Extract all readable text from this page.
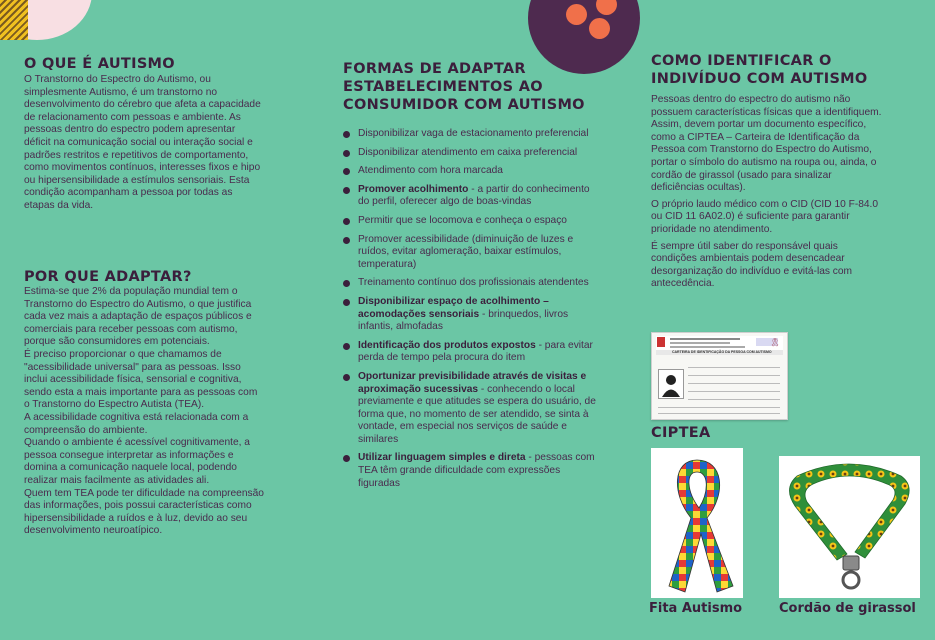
O QUE É AUTISMO

O Transtorno do Espectro do Autismo, ou simplesmente Autismo, é um transtorno no desenvolvimento do cérebro que afeta a capacidade de relacionamento com pessoas e ambiente. As pessoas dentro do espectro podem apresentar déficit na comunicação social ou interação social e padrões restritos e repetitivos de comportamento, como movimentos contínuos, interesses fixos e hipo ou hipersensibilidade a estímulos sensoriais. Esta condição acompanham a pessoa por todas as etapas da vida.

POR QUE ADAPTAR?

Estima-se que 2% da população mundial tem o Transtorno do Espectro do Autismo, o que justifica cada vez mais a adaptação de espaços públicos e comerciais para receber pessoas com autismo, porque são consumidores em potenciais.

É preciso proporcionar o que chamamos de "acessibilidade universal" para as pessoas. Isso inclui acessibilidade física, sensorial e cognitiva, sendo esta a mais importante para as pessoas com o Transtorno do Espectro Autista (TEA).

A acessibilidade cognitiva está relacionada com a compreensão do ambiente.

Quando o ambiente é acessível cognitivamente, a pessoa consegue interpretar as informações e domina a comunicação naquele local, podendo realizar mais facilmente as atividades ali.

Quem tem TEA pode ter dificuldade na compreensão das informações, pois possui características como hipersensibilidade a ruídos e à luz, devido ao seu desenvolvimento neuroatípico.

FORMAS DE ADAPTAR ESTABELECIMENTOS AO CONSUMIDOR COM AUTISMO
Disponibilizar vaga de estacionamento preferencial
Disponibilizar atendimento em caixa preferencial
Atendimento com hora marcada
Promover acolhimento - a partir do conhecimento do perfil, oferecer algo de boas-vindas
Permitir que se locomova e conheça o espaço
Promover acessibilidade (diminuição de luzes e ruídos, evitar aglomeração, baixar estímulos, temperatura)
Treinamento contínuo dos profissionais atendentes
Disponibilizar espaço de acolhimento – acomodações sensoriais - brinquedos, livros infantis, almofadas
Identificação dos produtos expostos - para evitar perda de tempo pela procura do item
Oportunizar previsibilidade através de visitas e aproximação sucessivas - conhecendo o local previamente e que atitudes se espera do usuário, de forma que, no momento de ser atendido, se sinta à vontade, em especial nos serviços de saúde e similares
Utilizar linguagem simples e direta - pessoas com TEA têm grande dificuldade com expressões figuradas
COMO IDENTIFICAR O INDIVÍDUO COM AUTISMO

Pessoas dentro do espectro do autismo não possuem características físicas que a identifiquem. Assim, devem portar um documento específico, como a CIPTEA – Carteira de Identificação da Pessoa com Transtorno do Espectro do Autismo, portar o símbolo do autismo na roupa ou, ainda, o cordão de girassol (usado para sinalizar deficiências ocultas).

O próprio laudo médico com o CID (CID 10 F-84.0 ou CID 11 6A02.0) é suficiente para garantir prioridade no atendimento.

É sempre útil saber do responsável quais condições ambientais podem desencadear desorganização do indivíduo e evitá-las com antecedência.

CARTEIRA DE IDENTIFICAÇÃO DA PESSOA COM AUTISMO
🎗
CIPTEA
Fita Autismo	Cordão de girassol
